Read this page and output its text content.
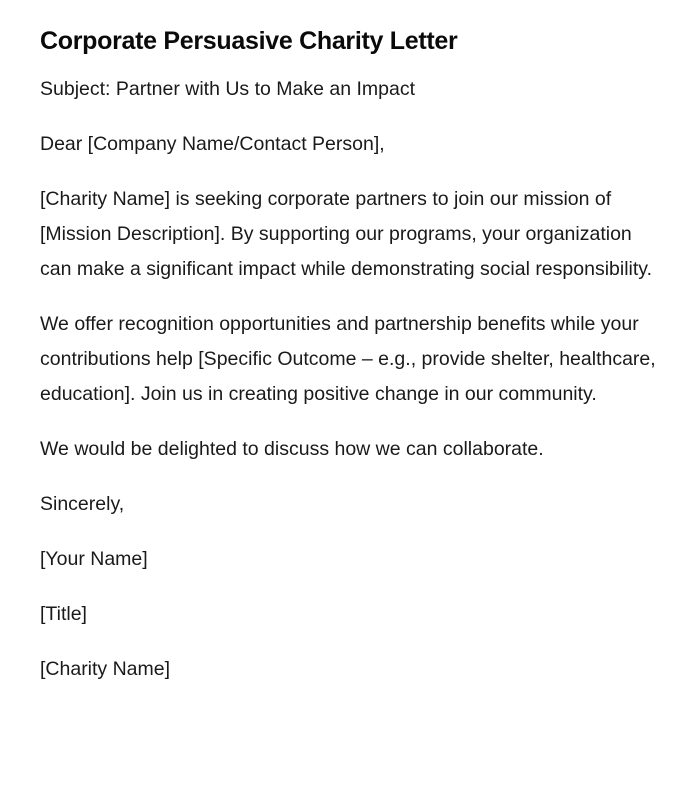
Corporate Persuasive Charity Letter

Subject: Partner with Us to Make an Impact

Dear [Company Name/Contact Person],

[Charity Name] is seeking corporate partners to join our mission of [Mission Description]. By supporting our programs, your organization can make a significant impact while demonstrating social responsibility.

We offer recognition opportunities and partnership benefits while your contributions help [Specific Outcome – e.g., provide shelter, healthcare, education]. Join us in creating positive change in our community.

We would be delighted to discuss how we can collaborate.

Sincerely,

[Your Name]

[Title]

[Charity Name]
